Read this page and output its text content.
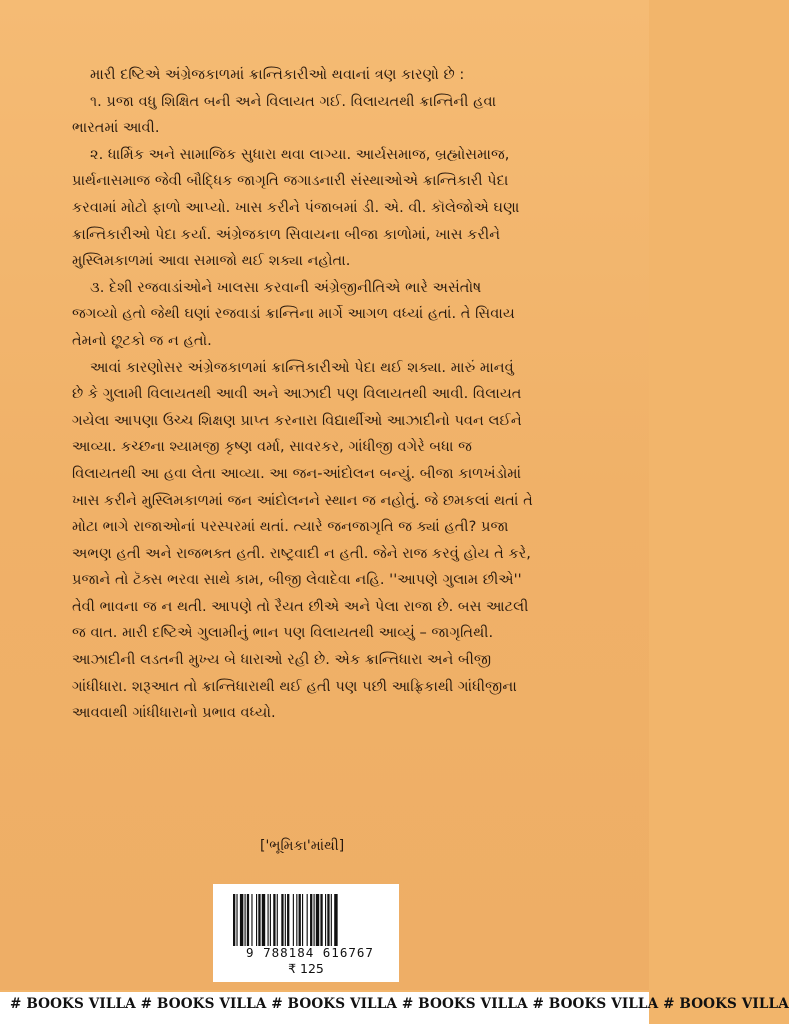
મારી દષ્ટિએ અંગ્રેજકાળમાં ક્રાન્તિકારીઓ થવાનાં ત્રણ કારણો છે :
૧. પ્રજા વધુ શિક્ષિત બની અને વિલાયત ગઈ. વિલાયતથી ક્રાન્તિની હવા
ભારતમાં આવી.

૨. ધાર્મિક અને સામાજિક સુધારા થવા લાગ્યા. આર્યસમાજ, બ્રહ્મોસમાજ,
પ્રાર્થનાસમાજ જેવી બૌદ્ધિક જાગૃતિ જગાડનારી સંસ્થાઓએ ક્રાન્તિકારી પેદા
કરવામાં મોટો ફાળો આપ્યો. ખાસ કરીને પંજાબમાં ડી. એ. વી. કૉલેજોએ ઘણા
ક્રાન્તિકારીઓ પેદા કર્યા. અંગ્રેજકાળ સિવાયના બીજા કાળોમાં, ખાસ કરીને
મુસ્લિમકાળમાં આવા સમાજો થઈ શક્યા નહોતા.

૩. દેશી રજવાડાંઓને ખાલસા કરવાની અંગ્રેજીનીતિએ ભારે અસંતોષ
જગવ્યો હતો જેથી ઘણાં રજવાડાં ક્રાન્તિના માર્ગે આગળ વધ્યાં હતાં. તે સિવાય
તેમનો છૂટકો જ ન હતો.

આવાં કારણોસર અંગ્રેજકાળમાં ક્રાન્તિકારીઓ પેદા થઈ શક્યા. મારું માનવું
છે કે ગુલામી વિલાયતથી આવી અને આઝાદી પણ વિલાયતથી આવી. વિલાયત
ગયેલા આપણા ઉચ્ચ શિક્ષણ પ્રાપ્ત કરનારા વિદ્યાર્થીઓ આઝાદીનો પવન લઈને
આવ્યા. કચ્છના શ્યામજી કૃષ્ણ વર્મા, સાવરકર, ગાંધીજી વગેરે બધા જ
વિલાયતથી આ હવા લેતા આવ્યા. આ જન-આંદોલન બન્યું. બીજા કાળખંડોમાં
ખાસ કરીને મુસ્લિમકાળમાં જન આંદોલનને સ્થાન જ નહોતું. જે છમકલાં થતાં તે
મોટા ભાગે રાજાઓનાં પરસ્પરમાં થતાં. ત્યારે જનજાગૃતિ જ ક્યાં હતી? પ્રજા
અભણ હતી અને રાજભક્ત હતી. રાષ્ટ્રવાદી ન હતી. જેને રાજ કરવું હોય તે કરે,
પ્રજાને તો ટૅક્સ ભરવા સાથે કામ, બીજી લેવાદેવા નહિ. ''આપણે ગુલામ છીએ''
તેવી ભાવના જ ન થતી. આપણે તો રૈયત છીએ અને પેલા રાજા છે. બસ આટલી
જ વાત. મારી દષ્ટિએ ગુલામીનું ભાન પણ વિલાયતથી આવ્યું – જાગૃતિથી.
આઝાદીની લડતની મુખ્ય બે ધારાઓ રહી છે. એક ક્રાન્તિધારા અને બીજી
ગાંધીધારા. શરૂઆત તો ક્રાન્તિધારાથી થઈ હતી પણ પછી આફ્રિકાથી ગાંધીજીના
આવવાથી ગાંધીધારાનો પ્રભાવ વધ્યો.

['ભૂમિકા'માંથી]
9 788184 616767
₹ 125
# BOOKS VILLA # BOOKS VILLA # BOOKS VILLA # BOOKS VILLA # BOOKS VILLA # BOOKS VILLA
